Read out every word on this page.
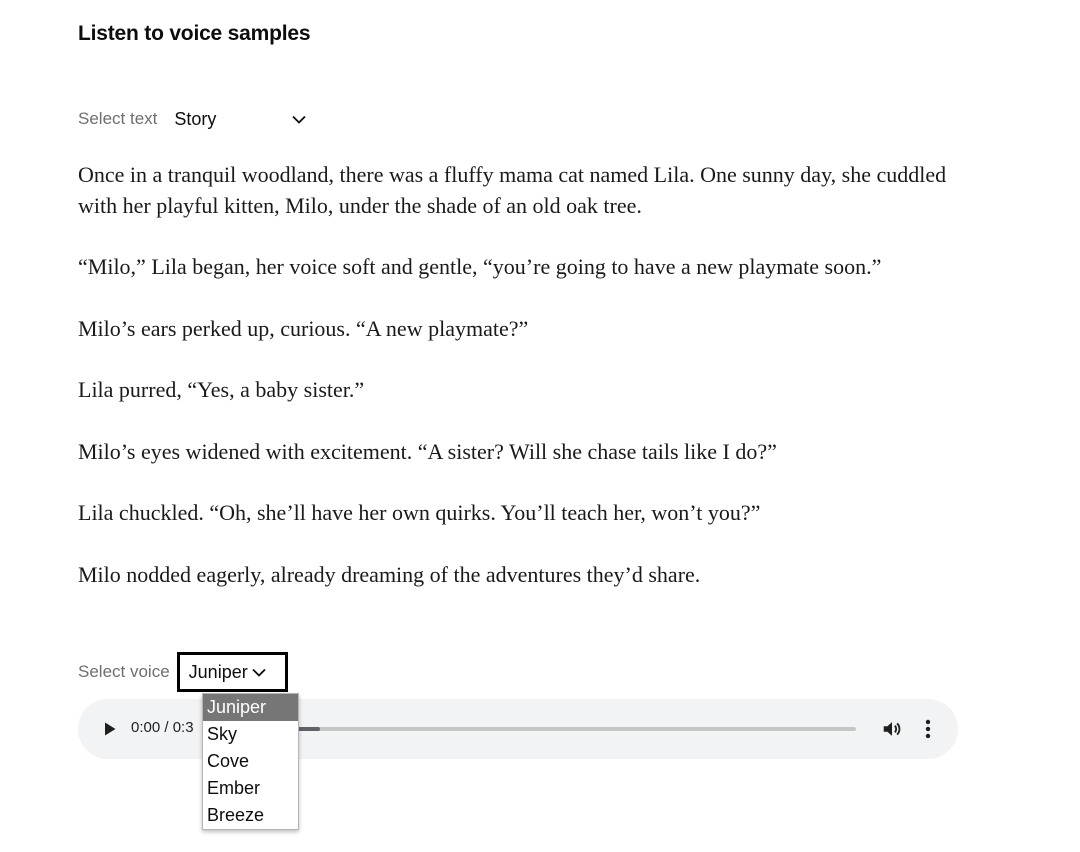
Listen to voice samples
Select text Story

Once in a tranquil woodland, there was a fluffy mama cat named Lila. One sunny day, she cuddled with her playful kitten, Milo, under the shade of an old oak tree.

“Milo,” Lila began, her voice soft and gentle, “you’re going to have a new playmate soon.”

Milo’s ears perked up, curious. “A new playmate?”

Lila purred, “Yes, a baby sister.”

Milo’s eyes widened with excitement. “A sister? Will she chase tails like I do?”

Lila chuckled. “Oh, she’ll have her own quirks. You’ll teach her, won’t you?”

Milo nodded eagerly, already dreaming of the adventures they’d share.

Select voice Juniper
0:00 / 0:3
Juniper
Sky
Cove
Ember
Breeze
